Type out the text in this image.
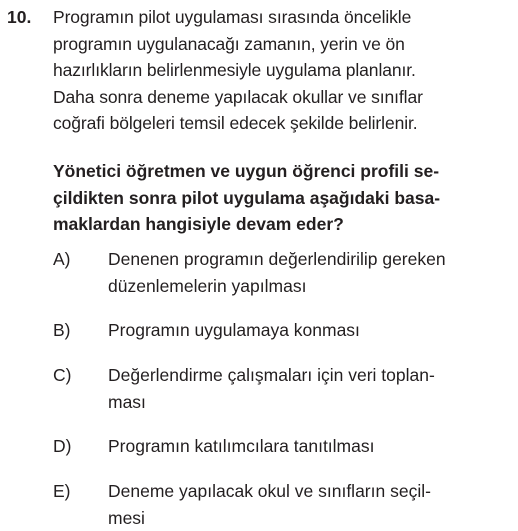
10. Programın pilot uygulaması sırasında öncelikle
programın uygulanacağı zamanın, yerin ve ön
hazırlıkların belirlenmesiyle uygulama planlanır.
Daha sonra deneme yapılacak okullar ve sınıflar
coğrafi bölgeleri temsil edecek şekilde belirlenir.
Yönetici öğretmen ve uygun öğrenci profili se-
çildikten sonra pilot uygulama aşağıdaki basa-
maklardan hangisiyle devam eder?
A) Denenen programın değerlendirilip gereken
düzenlemelerin yapılması
B) Programın uygulamaya konması
C) Değerlendirme çalışmaları için veri toplan-
ması
D) Programın katılımcılara tanıtılması
E) Deneme yapılacak okul ve sınıfların seçil-
mesi
